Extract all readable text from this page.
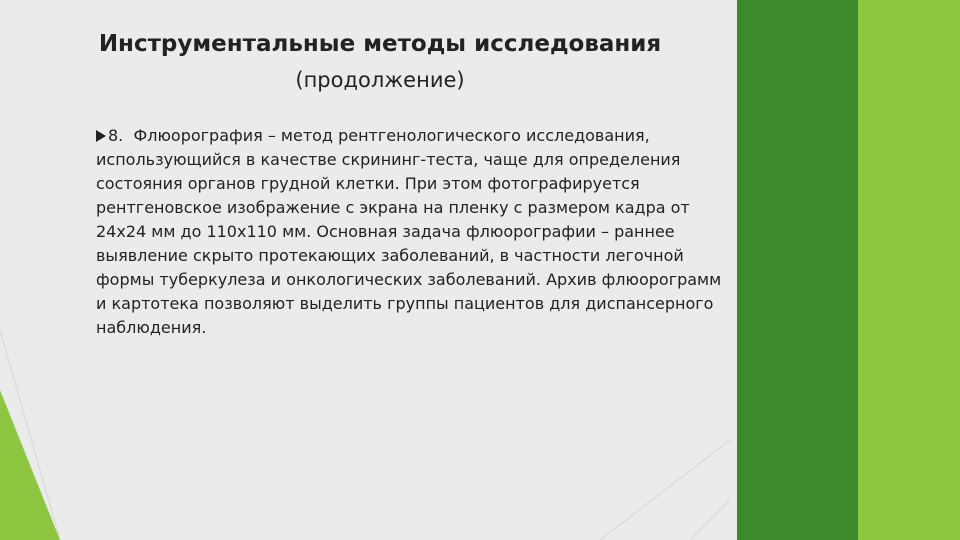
Инструментальные методы исследования
(продолжение)
8. Флюорография – метод рентгенологического исследования, использующийся в качестве скрининг-теста, чаще для определения состояния органов грудной клетки. При этом фотографируется рентгеновское изображение с экрана на пленку с размером кадра от 24х24 мм до 110х110 мм. Основная задача флюорографии – раннее выявление скрыто протекающих заболеваний, в частности легочной формы туберкулеза и онкологических заболеваний. Архив флюорограмм и картотека позволяют выделить группы пациентов для диспансерного наблюдения.
